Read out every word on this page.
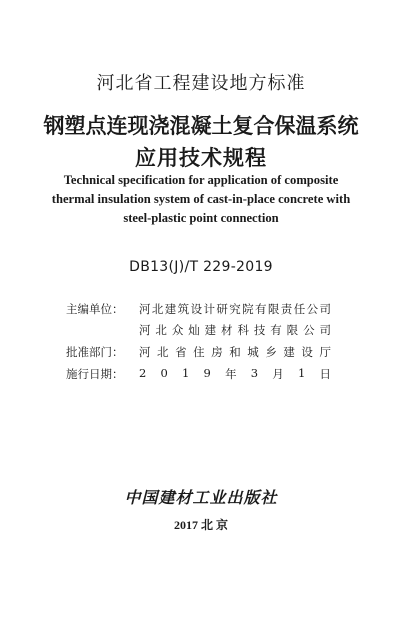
河北省工程建设地方标准
钢塑点连现浇混凝土复合保温系统
应用技术规程
Technical specification for application of composite
thermal insulation system of cast-in-place concrete with
steel-plastic point connection
DB13(J)/T 229-2019
主编单位：	河 北 建 筑 设 计 研 究 院 有 限 责 任 公 司
河 北 众 灿 建 材 科 技 有 限 公 司
批准部门：	河 北 省 住 房 和 城 乡 建 设 厅
施行日期：	2 0 1 9 年 3 月 1 日
中国建材工业出版社
2017 北 京
